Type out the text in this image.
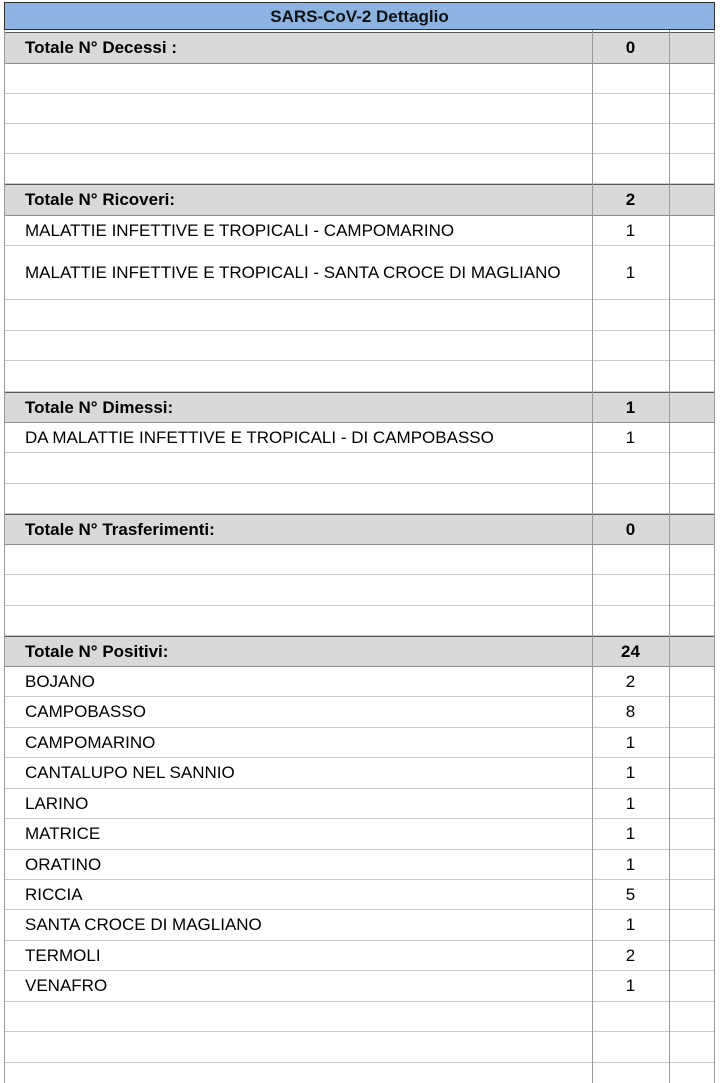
SARS-CoV-2 Dettaglio
Totale N° Decessi :	0
Totale N° Ricoveri:	2
MALATTIE INFETTIVE E TROPICALI - CAMPOMARINO	1
MALATTIE INFETTIVE E TROPICALI - SANTA CROCE DI MAGLIANO	1
Totale N° Dimessi:	1
DA MALATTIE INFETTIVE E TROPICALI - DI CAMPOBASSO	1
Totale N° Trasferimenti:	0
Totale N° Positivi:	24
BOJANO	2
CAMPOBASSO	8
CAMPOMARINO	1
CANTALUPO NEL SANNIO	1
LARINO	1
MATRICE	1
ORATINO	1
RICCIA	5
SANTA CROCE DI MAGLIANO	1
TERMOLI	2
VENAFRO	1
